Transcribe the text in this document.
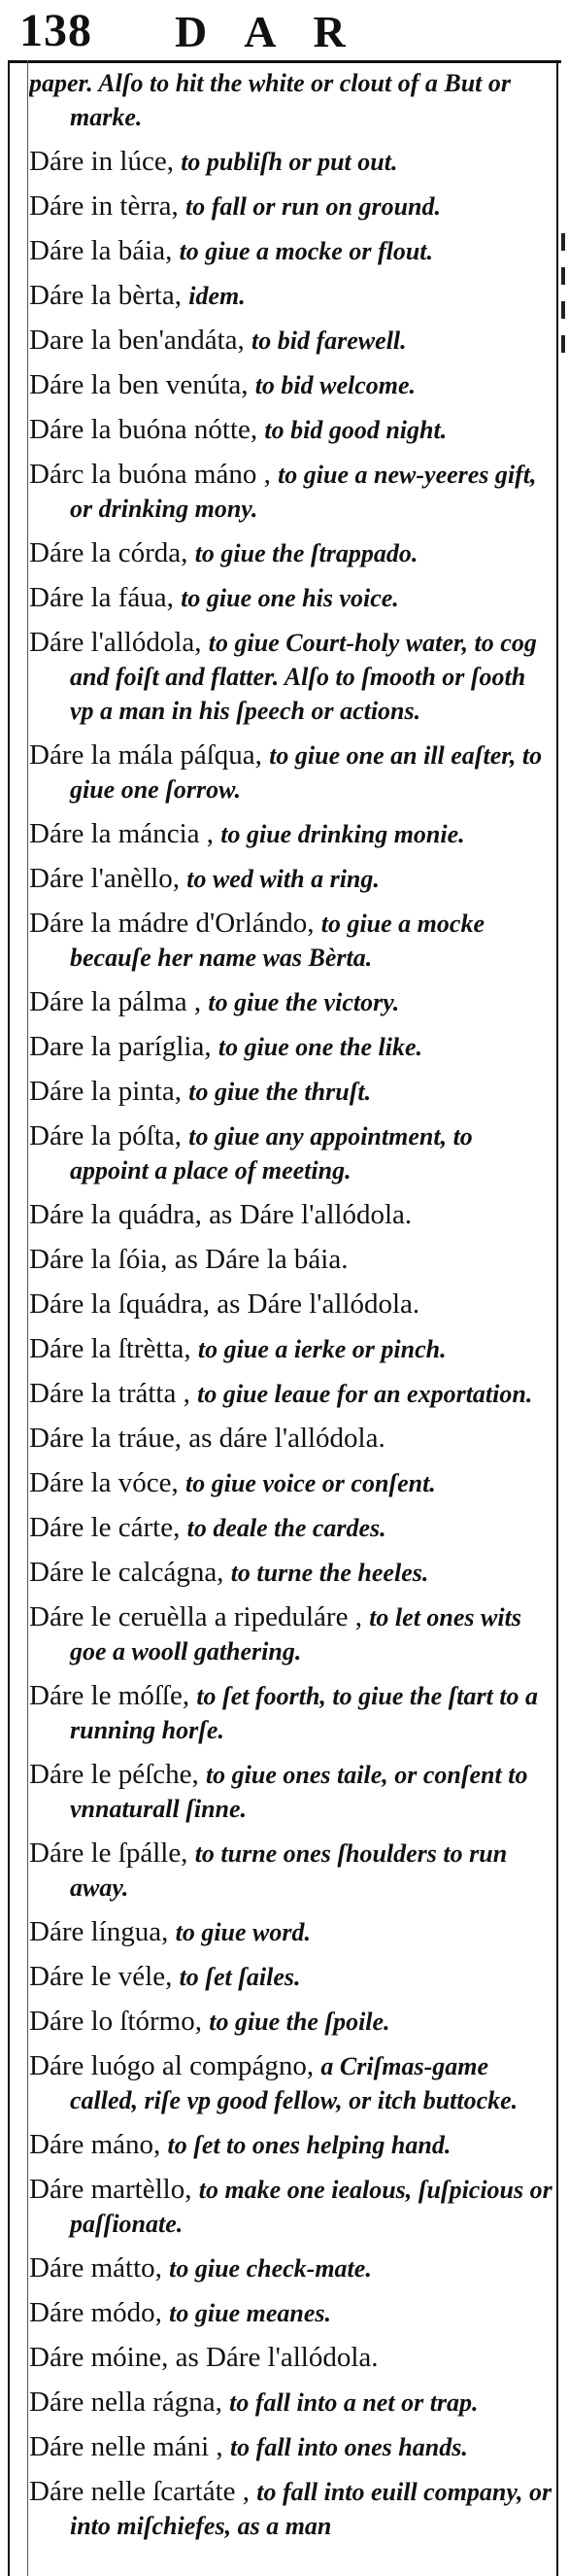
138 DAR

paper. Alſo to hit the white or clout of a But or marke.

Dáre in lúce, to publiſh or put out.

Dáre in tèrra, to fall or run on ground.

Dáre la báia, to giue a mocke or flout.

Dáre la bèrta, idem.

Dare la ben'andáta, to bid farewell.

Dáre la ben venúta, to bid welcome.

Dáre la buóna nótte, to bid good night.

Dárc la buóna máno , to giue a new-yeeres gift, or drinking mony.

Dáre la córda, to giue the ſtrappado.

Dáre la fáua, to giue one his voice.

Dáre l'allódola, to giue Court-holy water, to cog and foiſt and flatter. Alſo to ſmooth or ſooth vp a man in his ſpeech or actions.

Dáre la mála páſqua, to giue one an ill eaſter, to giue one ſorrow.

Dáre la máncia , to giue drinking monie.

Dáre l'anèllo, to wed with a ring.

Dáre la mádre d'Orlándo, to giue a mocke becauſe her name was Bèrta.

Dáre la pálma , to giue the victory.

Dare la paríglia, to giue one the like.

Dáre la pinta, to giue the thruſt.

Dáre la póſta, to giue any appointment, to appoint a place of meeting.

Dáre la quádra, as Dáre l'allódola.

Dáre la ſóia, as Dáre la báia.

Dáre la ſquádra, as Dáre l'allódola.

Dáre la ſtrètta, to giue a ierke or pinch.

Dáre la trátta , to giue leaue for an exportation.

Dáre la tráue, as dáre l'allódola.

Dáre la vóce, to giue voice or conſent.

Dáre le cárte, to deale the cardes.

Dáre le calcágna, to turne the heeles.

Dáre le ceruèlla a ripeduláre , to let ones wits goe a wooll gathering.

Dáre le móſſe, to ſet foorth, to giue the ſtart to a running horſe.

Dáre le péſche, to giue ones taile, or conſent to vnnaturall ſinne.

Dáre le ſpálle, to turne ones ſhoulders to run away.

Dáre língua, to giue word.

Dáre le véle, to ſet ſailes.

Dáre lo ſtórmo, to giue the ſpoile.

Dáre luógo al compágno, a Criſmas-game called, riſe vp good fellow, or itch buttocke.

Dáre máno, to ſet to ones helping hand.

Dáre martèllo, to make one iealous, ſuſpicious or paſſionate.

Dáre mátto, to giue check-mate.

Dáre módo, to giue meanes.

Dáre móine, as Dáre l'allódola.

Dáre nella rágna, to fall into a net or trap.

Dáre nelle máni , to fall into ones hands.

Dáre nelle ſcartáte , to fall into euill company, or into miſchiefes, as a man
